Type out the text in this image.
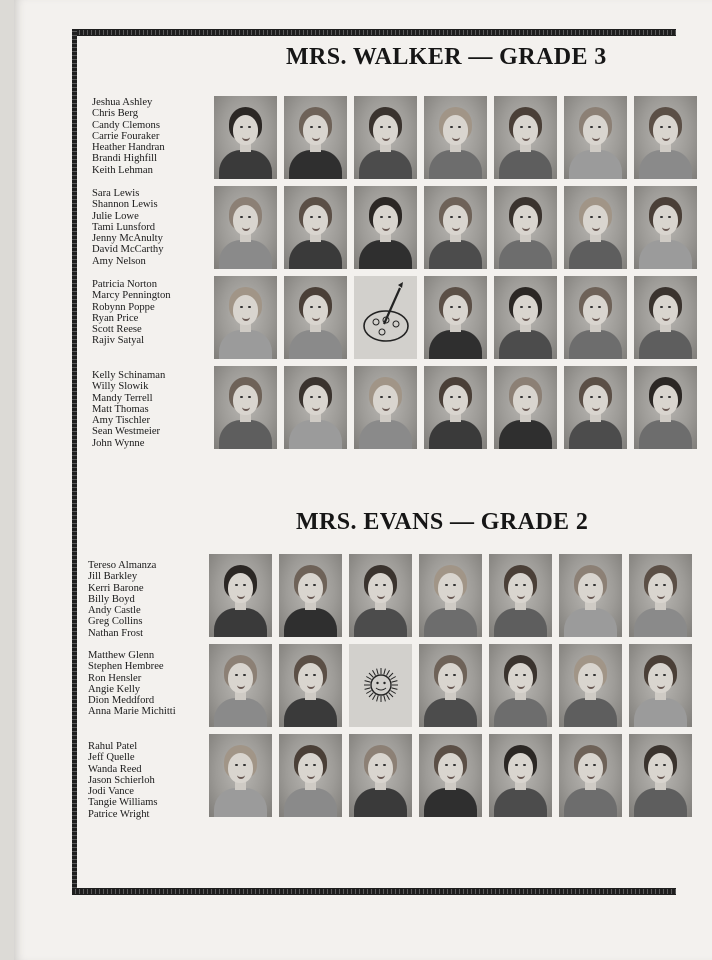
MRS. WALKER — GRADE 3
Jeshua Ashley
Chris Berg
Candy Clemons
Carrie Fouraker
Heather Handran
Brandi Highfill
Keith Lehman
Sara Lewis
Shannon Lewis
Julie Lowe
Tami Lunsford
Jenny McAnulty
David McCarthy
Amy Nelson
Patricia Norton
Marcy Pennington
Robynn Poppe
Ryan Price
Scott Reese
Rajiv Satyal
Kelly Schinaman
Willy Slowik
Mandy Terrell
Matt Thomas
Amy Tischler
Sean Westmeier
John Wynne
MRS. EVANS — GRADE 2
Tereso Almanza
Jill Barkley
Kerri Barone
Billy Boyd
Andy Castle
Greg Collins
Nathan Frost
Matthew Glenn
Stephen Hembree
Ron Hensler
Angie Kelly
Dion Meddford
Anna Marie Michitti
Rahul Patel
Jeff Quelle
Wanda Reed
Jason Schierloh
Jodi Vance
Tangie Williams
Patrice Wright
